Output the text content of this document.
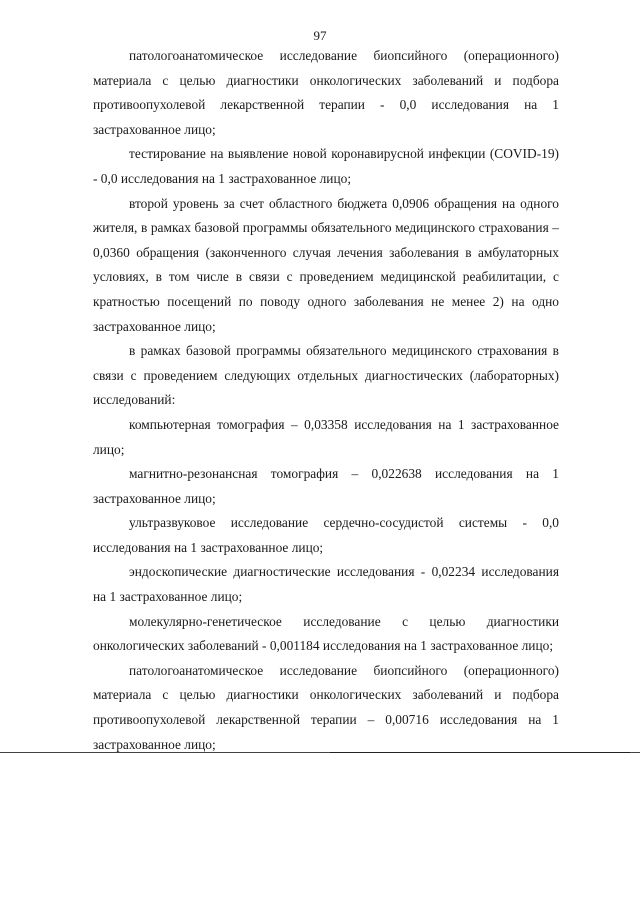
97

патологоанатомическое исследование биопсийного (операционного) материала с целью диагностики онкологических заболеваний и подбора противоопухолевой лекарственной терапии - 0,0 исследования на 1 застрахованное лицо;

тестирование на выявление новой коронавирусной инфекции (COVID-19) - 0,0 исследования на 1 застрахованное лицо;

второй уровень за счет областного бюджета 0,0906 обращения на одного жителя, в рамках базовой программы обязательного медицинского страхования – 0,0360 обращения (законченного случая лечения заболевания в амбулаторных условиях, в том числе в связи с проведением медицинской реабилитации, с кратностью посещений по поводу одного заболевания не менее 2) на одно застрахованное лицо;

в рамках базовой программы обязательного медицинского страхования в связи с проведением следующих отдельных диагностических (лабораторных) исследований:

компьютерная томография – 0,03358 исследования на 1 застрахованное лицо;

магнитно-резонансная томография – 0,022638 исследования на 1 застрахованное лицо;

ультразвуковое исследование сердечно-сосудистой системы - 0,0 исследования на 1 застрахованное лицо;

эндоскопические диагностические исследования - 0,02234 исследования на 1 застрахованное лицо;

молекулярно-генетическое исследование с целью диагностики онкологических заболеваний - 0,001184 исследования на 1 застрахованное лицо;

патологоанатомическое исследование биопсийного (операционного) материала с целью диагностики онкологических заболеваний и подбора противоопухолевой лекарственной терапии – 0,00716 исследования на 1 застрахованное лицо;
